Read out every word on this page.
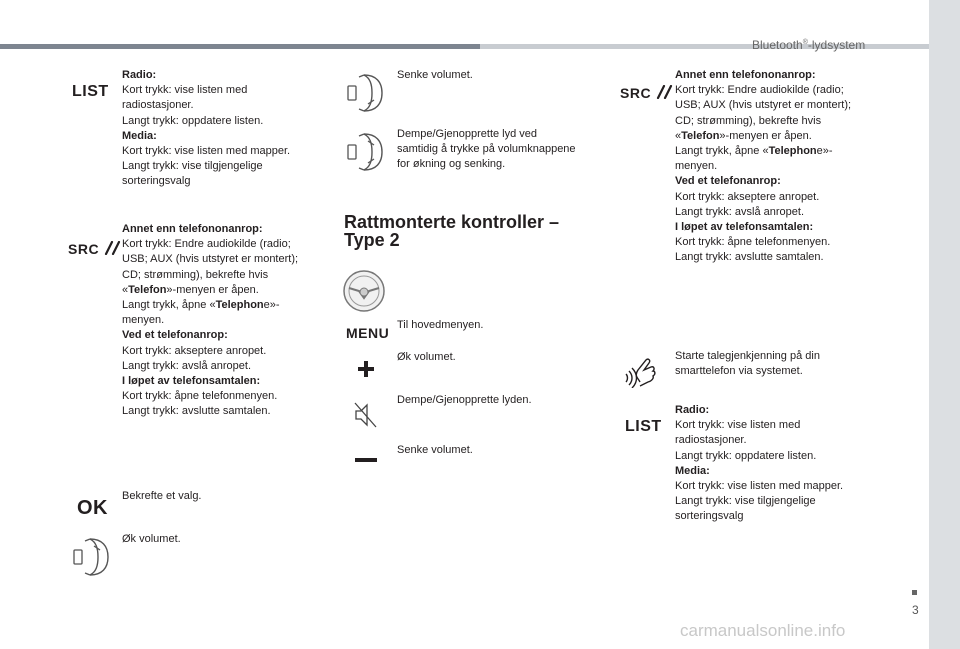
Bluetooth®-lydsystem
3
carmanualsonline.info
LIST
Radio:
Kort trykk: vise listen med
radiostasjoner.
Langt trykk: oppdatere listen.
Media:
Kort trykk: vise listen med mapper.
Langt trykk: vise tilgjengelige
sorteringsvalg
SRC
Annet enn telefononanrop:
Kort trykk: Endre audiokilde (radio;
USB; AUX (hvis utstyret er montert);
CD; strømming), bekrefte hvis
«Telefon»-menyen er åpen.
Langt trykk, åpne «Telephone»-
menyen.
Ved et telefonanrop:
Kort trykk: akseptere anropet.
Langt trykk: avslå anropet.
I løpet av telefonsamtalen:
Kort trykk: åpne telefonmenyen.
Langt trykk: avslutte samtalen.
OK
Bekrefte et valg.
Øk volumet.
Senke volumet.
Dempe/Gjenopprette lyd ved
samtidig å trykke på volumknappene
for økning og senking.
Rattmonterte kontroller –
Type 2
MENU Til hovedmenyen.
Øk volumet.
Dempe/Gjenopprette lyden.
Senke volumet.
SRC
Annet enn telefononanrop:
Kort trykk: Endre audiokilde (radio;
USB; AUX (hvis utstyret er montert);
CD; strømming), bekrefte hvis
«Telefon»-menyen er åpen.
Langt trykk, åpne «Telephone»-
menyen.
Ved et telefonanrop:
Kort trykk: akseptere anropet.
Langt trykk: avslå anropet.
I løpet av telefonsamtalen:
Kort trykk: åpne telefonmenyen.
Langt trykk: avslutte samtalen.
Starte talegjenkjenning på din
smarttelefon via systemet.
LIST
Radio:
Kort trykk: vise listen med
radiostasjoner.
Langt trykk: oppdatere listen.
Media:
Kort trykk: vise listen med mapper.
Langt trykk: vise tilgjengelige
sorteringsvalg
